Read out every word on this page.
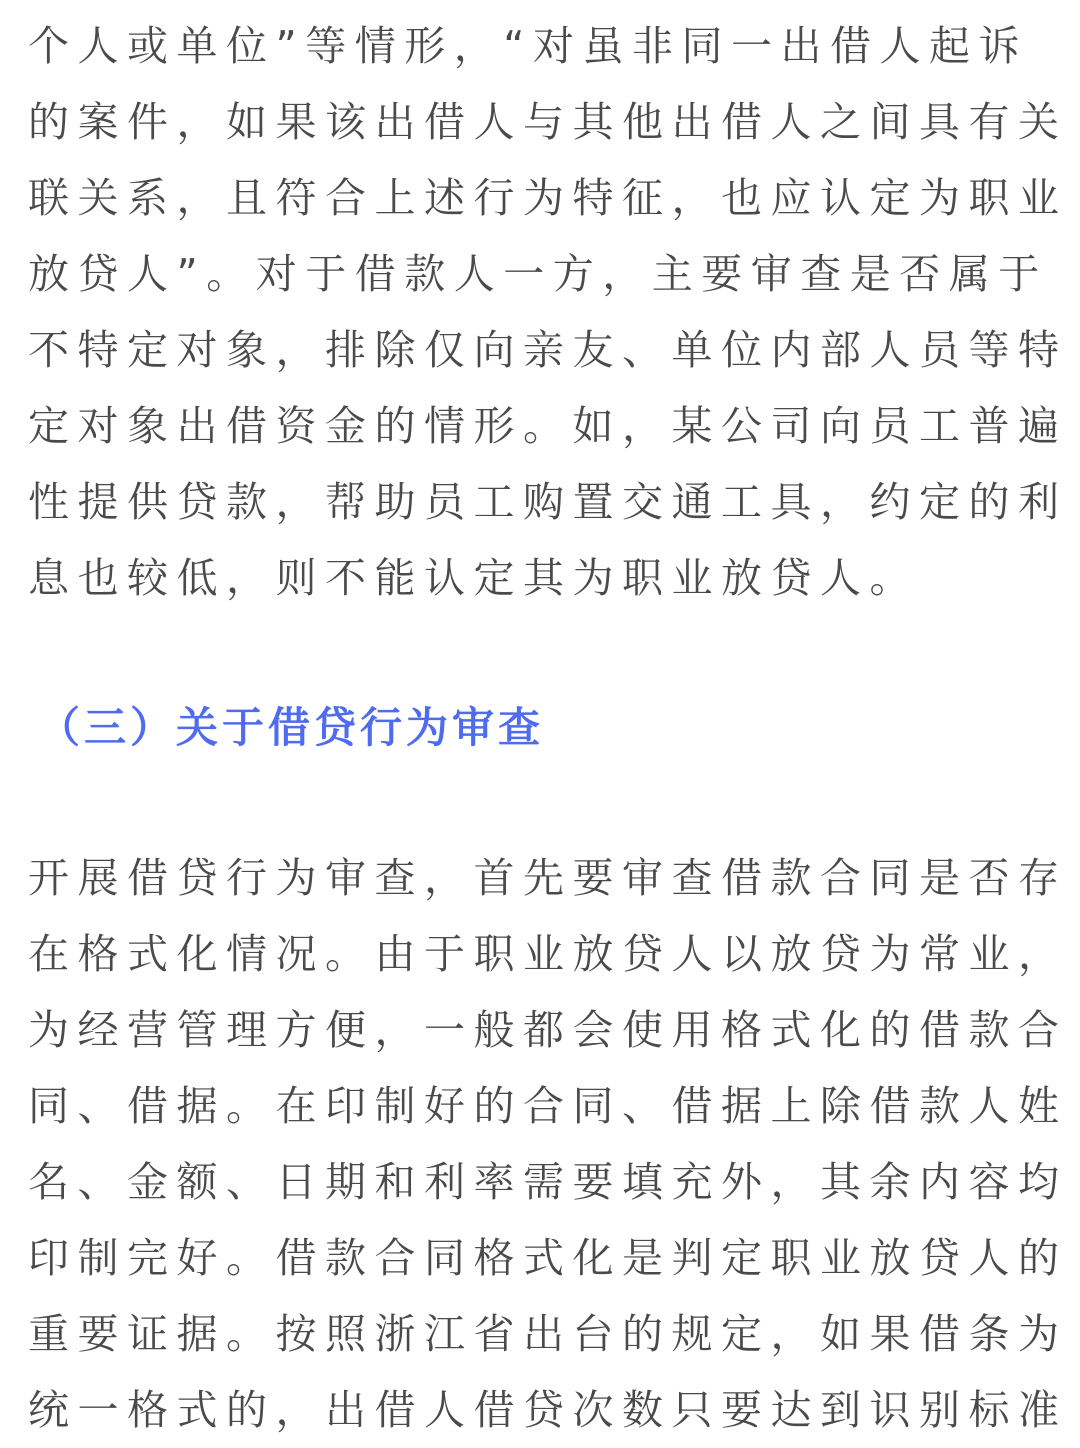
个人或单位”等情形，“对虽非同一出借人起诉
的案件，如果该出借人与其他出借人之间具有关
联关系，且符合上述行为特征，也应认定为职业
放贷人”。对于借款人一方，主要审查是否属于
不特定对象，排除仅向亲友、单位内部人员等特
定对象出借资金的情形。如，某公司向员工普遍
性提供贷款，帮助员工购置交通工具，约定的利
息也较低，则不能认定其为职业放贷人。
（三）关于借贷行为审查
开展借贷行为审查，首先要审查借款合同是否存
在格式化情况。由于职业放贷人以放贷为常业，
为经营管理方便，一般都会使用格式化的借款合
同、借据。在印制好的合同、借据上除借款人姓
名、金额、日期和利率需要填充外，其余内容均
印制完好。借款合同格式化是判定职业放贷人的
重要证据。按照浙江省出台的规定，如果借条为
统一格式的，出借人借贷次数只要达到识别标准
